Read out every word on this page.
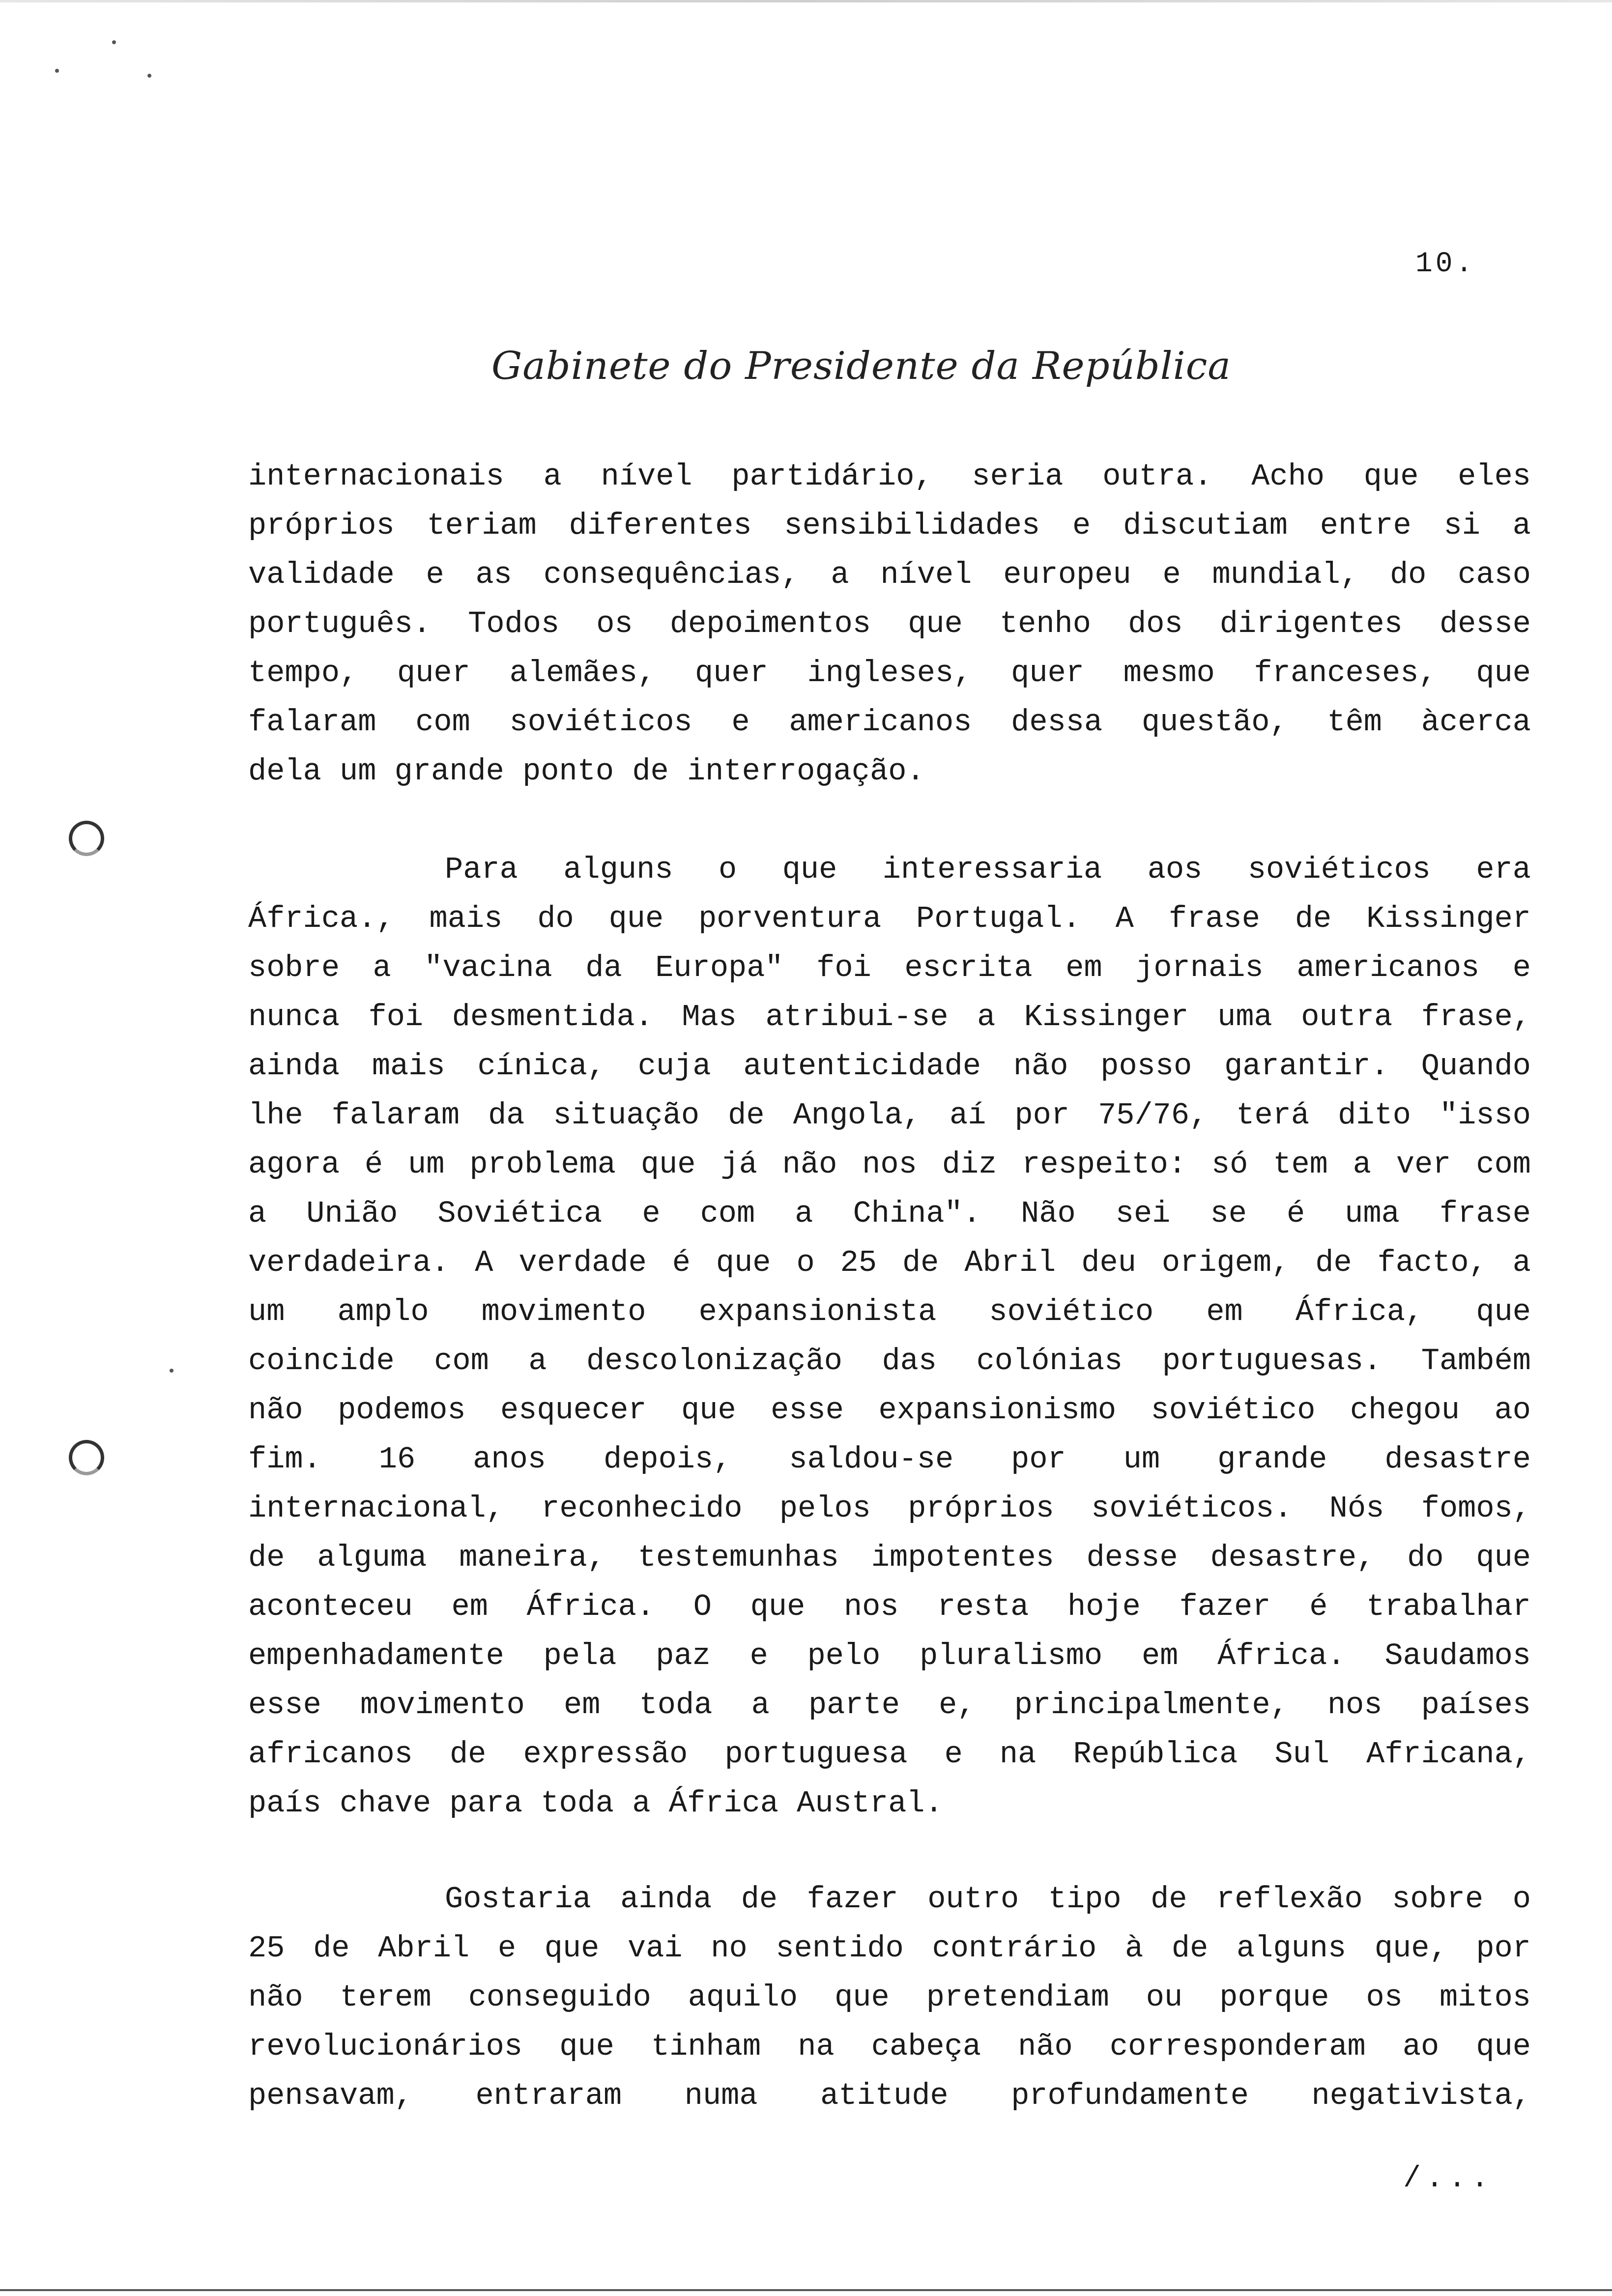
10.
Gabinete do Presidente da República
internacionais a nível partidário, seria outra. Acho que eles
próprios teriam diferentes sensibilidades e discutiam entre si a
validade e as consequências, a nível europeu e mundial, do caso
português. Todos os depoimentos que tenho dos dirigentes desse
tempo, quer alemães, quer ingleses, quer mesmo franceses, que
falaram com soviéticos e americanos dessa questão, têm àcerca
dela um grande ponto de interrogação.
Para alguns o que interessaria aos soviéticos era
África., mais do que porventura Portugal. A frase de Kissinger
sobre a "vacina da Europa" foi escrita em jornais americanos e
nunca foi desmentida. Mas atribui-se a Kissinger uma outra frase,
ainda mais cínica, cuja autenticidade não posso garantir. Quando
lhe falaram da situação de Angola, aí por 75/76, terá dito "isso
agora é um problema que já não nos diz respeito: só tem a ver com
a União Soviética e com a China". Não sei se é uma frase
verdadeira. A verdade é que o 25 de Abril deu origem, de facto, a
um amplo movimento expansionista soviético em África, que
coincide com a descolonização das colónias portuguesas. Também
não podemos esquecer que esse expansionismo soviético chegou ao
fim. 16 anos depois, saldou-se por um grande desastre
internacional, reconhecido pelos próprios soviéticos. Nós fomos,
de alguma maneira, testemunhas impotentes desse desastre, do que
aconteceu em África. O que nos resta hoje fazer é trabalhar
empenhadamente pela paz e pelo pluralismo em África. Saudamos
esse movimento em toda a parte e, principalmente, nos países
africanos de expressão portuguesa e na República Sul Africana,
país chave para toda a África Austral.
Gostaria ainda de fazer outro tipo de reflexão sobre o
25 de Abril e que vai no sentido contrário à de alguns que, por
não terem conseguido aquilo que pretendiam ou porque os mitos
revolucionários que tinham na cabeça não corresponderam ao que
pensavam, entraram numa atitude profundamente negativista,
/...
